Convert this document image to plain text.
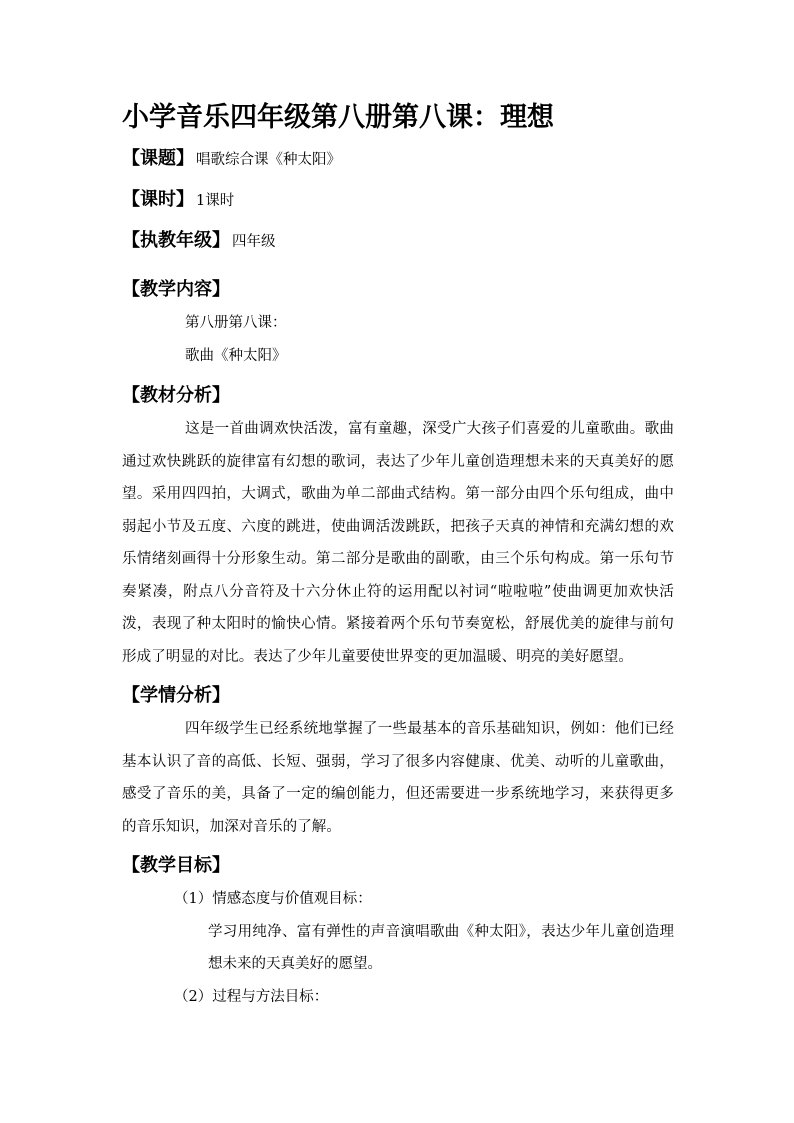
小学音乐四年级第八册第八课：理想
【课题】 唱歌综合课《种太阳》
【课时】 1课时
【执教年级】 四年级
【教学内容】
第八册第八课：
歌曲《种太阳》
【教材分析】

这是一首曲调欢快活泼，富有童趣，深受广大孩子们喜爱的儿童歌曲。歌曲通过欢快跳跃的旋律富有幻想的歌词，表达了少年儿童创造理想未来的天真美好的愿望。采用四四拍，大调式，歌曲为单二部曲式结构。第一部分由四个乐句组成，曲中弱起小节及五度、六度的跳进，使曲调活泼跳跃，把孩子天真的神情和充满幻想的欢乐情绪刻画得十分形象生动。第二部分是歌曲的副歌，由三个乐句构成。第一乐句节奏紧凑，附点八分音符及十六分休止符的运用配以衬词“啦啦啦”使曲调更加欢快活泼，表现了种太阳时的愉快心情。紧接着两个乐句节奏宽松，舒展优美的旋律与前句形成了明显的对比。表达了少年儿童要使世界变的更加温暖、明亮的美好愿望。

【学情分析】

四年级学生已经系统地掌握了一些最基本的音乐基础知识，例如：他们已经基本认识了音的高低、长短、强弱，学习了很多内容健康、优美、动听的儿童歌曲，感受了音乐的美，具备了一定的编创能力，但还需要进一步系统地学习，来获得更多的音乐知识，加深对音乐的了解。

【教学目标】
（1）情感态度与价值观目标：

学习用纯净、富有弹性的声音演唱歌曲《种太阳》，表达少年儿童创造理想未来的天真美好的愿望。

（2）过程与方法目标：
